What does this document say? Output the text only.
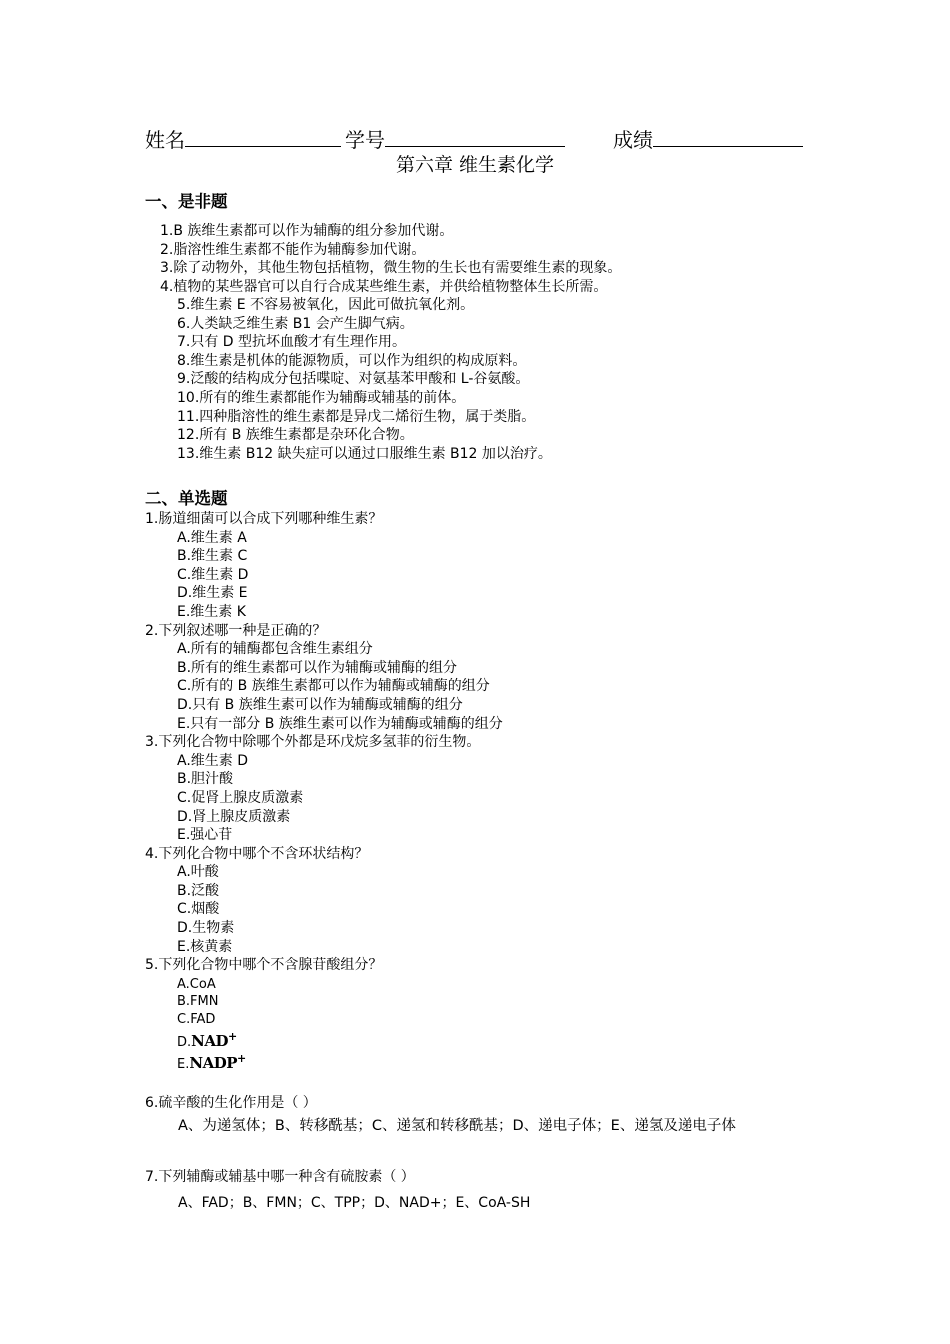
姓名	学号	成绩
第六章 维生素化学
一、是非题
1.B 族维生素都可以作为辅酶的组分参加代谢。
2.脂溶性维生素都不能作为辅酶参加代谢。
3.除了动物外，其他生物包括植物，微生物的生长也有需要维生素的现象。
4.植物的某些器官可以自行合成某些维生素，并供给植物整体生长所需。
5.维生素 E 不容易被氧化，因此可做抗氧化剂。
6.人类缺乏维生素 B1 会产生脚气病。
7.只有 D 型抗坏血酸才有生理作用。
8.维生素是机体的能源物质，可以作为组织的构成原料。
9.泛酸的结构成分包括喋啶、对氨基苯甲酸和 L-谷氨酸。
10.所有的维生素都能作为辅酶或辅基的前体。
11.四种脂溶性的维生素都是异戊二烯衍生物，属于类脂。
12.所有 B 族维生素都是杂环化合物。
13.维生素 B12 缺失症可以通过口服维生素 B12 加以治疗。
二、单选题
1.肠道细菌可以合成下列哪种维生素？
A.维生素 A
B.维生素 C
C.维生素 D
D.维生素 E
E.维生素 K
2.下列叙述哪一种是正确的？
A.所有的辅酶都包含维生素组分
B.所有的维生素都可以作为辅酶或辅酶的组分
C.所有的 B 族维生素都可以作为辅酶或辅酶的组分
D.只有 B 族维生素可以作为辅酶或辅酶的组分
E.只有一部分 B 族维生素可以作为辅酶或辅酶的组分
3.下列化合物中除哪个外都是环戊烷多氢菲的衍生物。
A.维生素 D
B.胆汁酸
C.促肾上腺皮质激素
D.肾上腺皮质激素
E.强心苷
4.下列化合物中哪个不含环状结构？
A.叶酸
B.泛酸
C.烟酸
D.生物素
E.核黄素
5.下列化合物中哪个不含腺苷酸组分？
A.CoA
B.FMN
C.FAD
D.NAD+
E.NADP+
6.硫辛酸的生化作用是（ ）
A、为递氢体；B、转移酰基；C、递氢和转移酰基；D、递电子体；E、递氢及递电子体
7.下列辅酶或辅基中哪一种含有硫胺素（ ）
A、FAD；B、FMN；C、TPP；D、NAD+；E、CoA-SH
